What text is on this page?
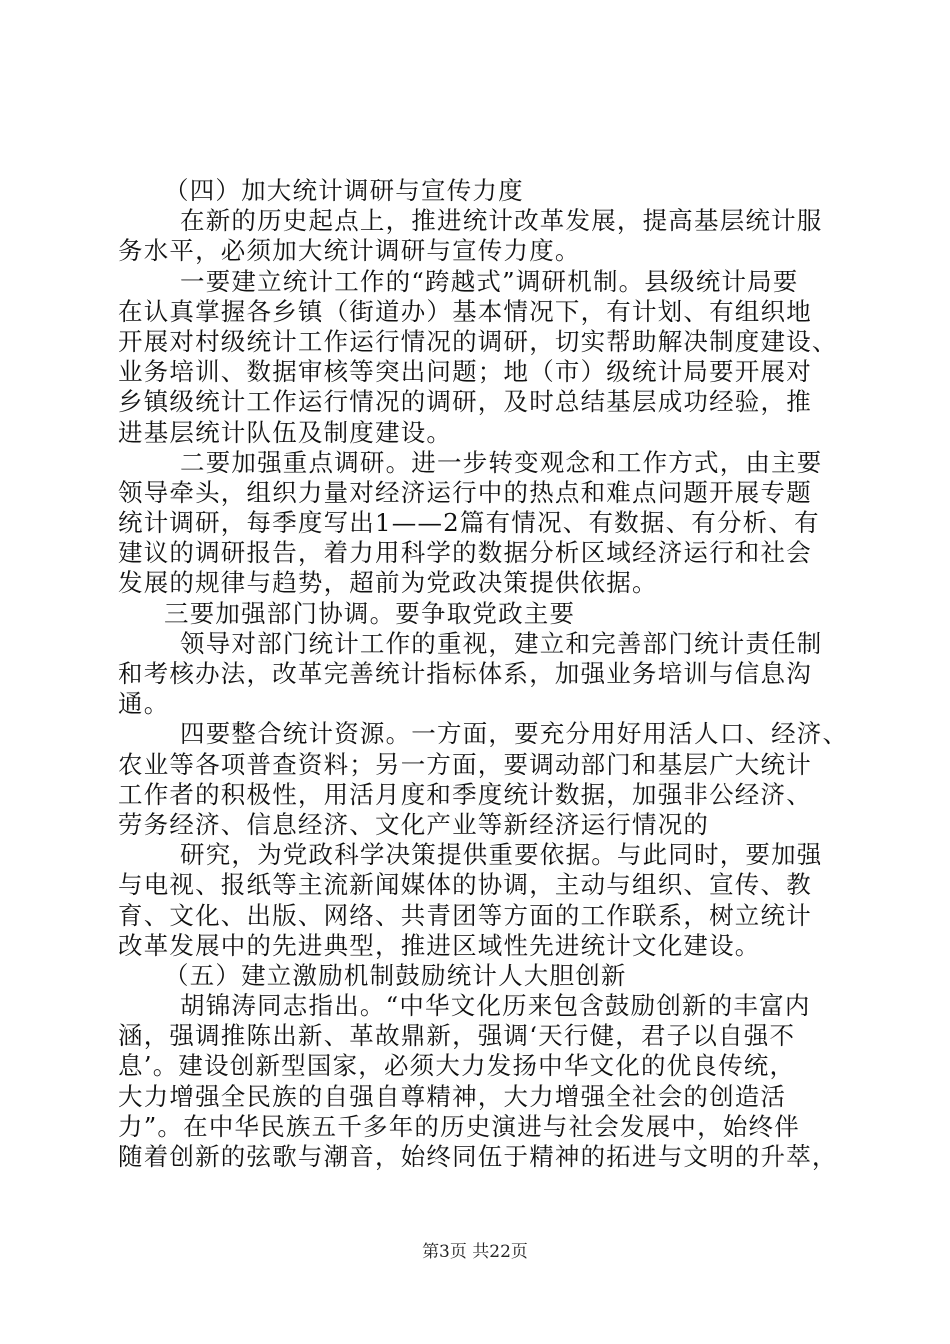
（四）加大统计调研与宣传力度
在新的历史起点上，推进统计改革发展，提高基层统计服
务水平，必须加大统计调研与宣传力度。
一要建立统计工作的“跨越式”调研机制。县级统计局要
在认真掌握各乡镇（街道办）基本情况下，有计划、有组织地
开展对村级统计工作运行情况的调研，切实帮助解决制度建设、
业务培训、数据审核等突出问题；地（市）级统计局要开展对
乡镇级统计工作运行情况的调研，及时总结基层成功经验，推
进基层统计队伍及制度建设。
二要加强重点调研。进一步转变观念和工作方式，由主要
领导牵头，组织力量对经济运行中的热点和难点问题开展专题
统计调研，每季度写出1——2篇有情况、有数据、有分析、有
建议的调研报告，着力用科学的数据分析区域经济运行和社会
发展的规律与趋势，超前为党政决策提供依据。
三要加强部门协调。要争取党政主要
领导对部门统计工作的重视，建立和完善部门统计责任制
和考核办法，改革完善统计指标体系，加强业务培训与信息沟
通。
四要整合统计资源。一方面，要充分用好用活人口、经济、
农业等各项普查资料；另一方面，要调动部门和基层广大统计
工作者的积极性，用活月度和季度统计数据，加强非公经济、
劳务经济、信息经济、文化产业等新经济运行情况的
研究，为党政科学决策提供重要依据。与此同时，要加强
与电视、报纸等主流新闻媒体的协调，主动与组织、宣传、教
育、文化、出版、网络、共青团等方面的工作联系，树立统计
改革发展中的先进典型，推进区域性先进统计文化建设。
（五）建立激励机制鼓励统计人大胆创新
胡锦涛同志指出。“中华文化历来包含鼓励创新的丰富内
涵，强调推陈出新、革故鼎新，强调‘天行健，君子以自强不
息’。建设创新型国家，必须大力发扬中华文化的优良传统，
大力增强全民族的自强自尊精神，大力增强全社会的创造活
力”。在中华民族五千多年的历史演进与社会发展中，始终伴
随着创新的弦歌与潮音，始终同伍于精神的拓进与文明的升萃，
第3页 共22页
